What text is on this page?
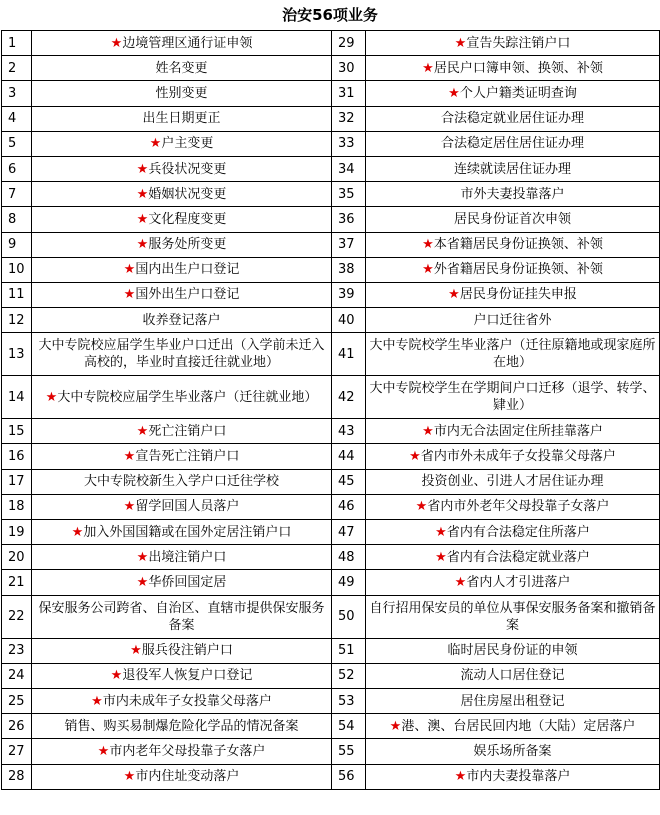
治安56项业务
1	★边境管理区通行证申领	29	★宣告失踪注销户口
2	姓名变更	30	★居民户口簿申领、换领、补领
3	性别变更	31	★个人户籍类证明查询
4	出生日期更正	32	合法稳定就业居住证办理
5	★户主变更	33	合法稳定居住居住证办理
6	★兵役状况变更	34	连续就读居住证办理
7	★婚姻状况变更	35	市外夫妻投靠落户
8	★文化程度变更	36	居民身份证首次申领
9	★服务处所变更	37	★本省籍居民身份证换领、补领
10	★国内出生户口登记	38	★外省籍居民身份证换领、补领
11	★国外出生户口登记	39	★居民身份证挂失申报
12	收养登记落户	40	户口迁往省外
13	大中专院校应届学生毕业户口迁出（入学前未迁入高校的，毕业时直接迁往就业地）	41	大中专院校学生毕业落户（迁往原籍地或现家庭所在地）
14	★大中专院校应届学生毕业落户（迁往就业地）	42	大中专院校学生在学期间户口迁移（退学、转学、肄业）
15	★死亡注销户口	43	★市内无合法固定住所挂靠落户
16	★宣告死亡注销户口	44	★省内市外未成年子女投靠父母落户
17	大中专院校新生入学户口迁往学校	45	投资创业、引进人才居住证办理
18	★留学回国人员落户	46	★省内市外老年父母投靠子女落户
19	★加入外国国籍或在国外定居注销户口	47	★省内有合法稳定住所落户
20	★出境注销户口	48	★省内有合法稳定就业落户
21	★华侨回国定居	49	★省内人才引进落户
22	保安服务公司跨省、自治区、直辖市提供保安服务备案	50	自行招用保安员的单位从事保安服务备案和撤销备案
23	★服兵役注销户口	51	临时居民身份证的申领
24	★退役军人恢复户口登记	52	流动人口居住登记
25	★市内未成年子女投靠父母落户	53	居住房屋出租登记
26	销售、购买易制爆危险化学品的情况备案	54	★港、澳、台居民回内地（大陆）定居落户
27	★市内老年父母投靠子女落户	55	娱乐场所备案
28	★市内住址变动落户	56	★市内夫妻投靠落户
